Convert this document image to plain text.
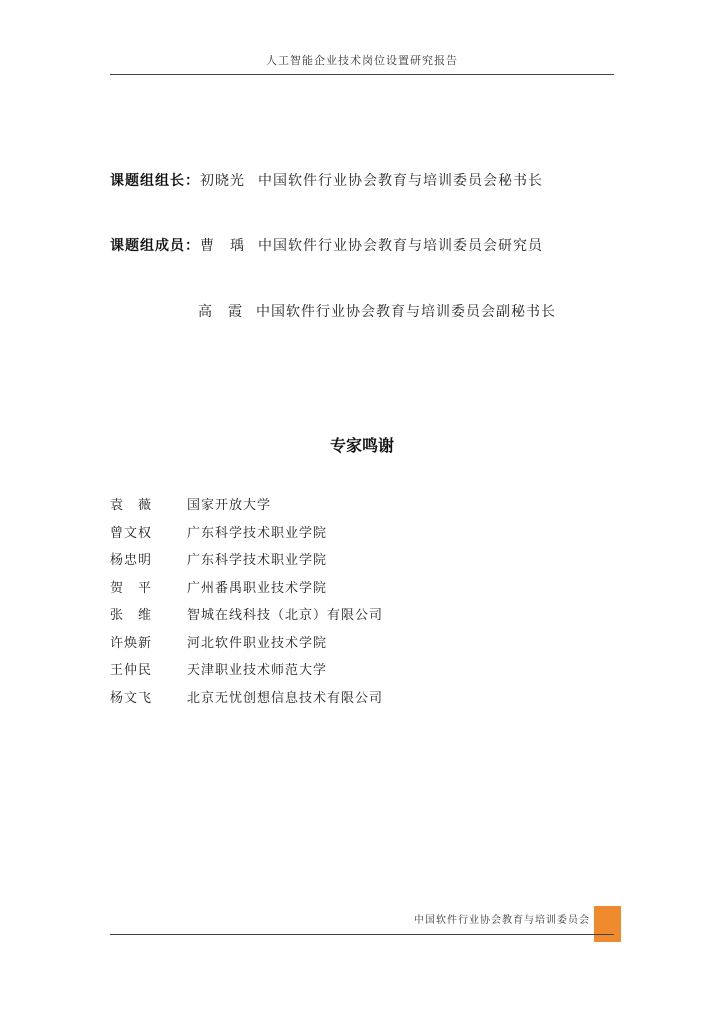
人工智能企业技术岗位设置研究报告
课题组组长：初晓光 中国软件行业协会教育与培训委员会秘书长
课题组成员：曹　瑀 中国软件行业协会教育与培训委员会研究员
高　霞 中国软件行业协会教育与培训委员会副秘书长
专家鸣谢
袁　薇	国家开放大学
曾文权	广东科学技术职业学院
杨忠明	广东科学技术职业学院
贺　平	广州番禺职业技术学院
张　维	智城在线科技（北京）有限公司
许焕新	河北软件职业技术学院
王仲民	天津职业技术师范大学
杨文飞	北京无忧创想信息技术有限公司
中国软件行业协会教育与培训委员会
